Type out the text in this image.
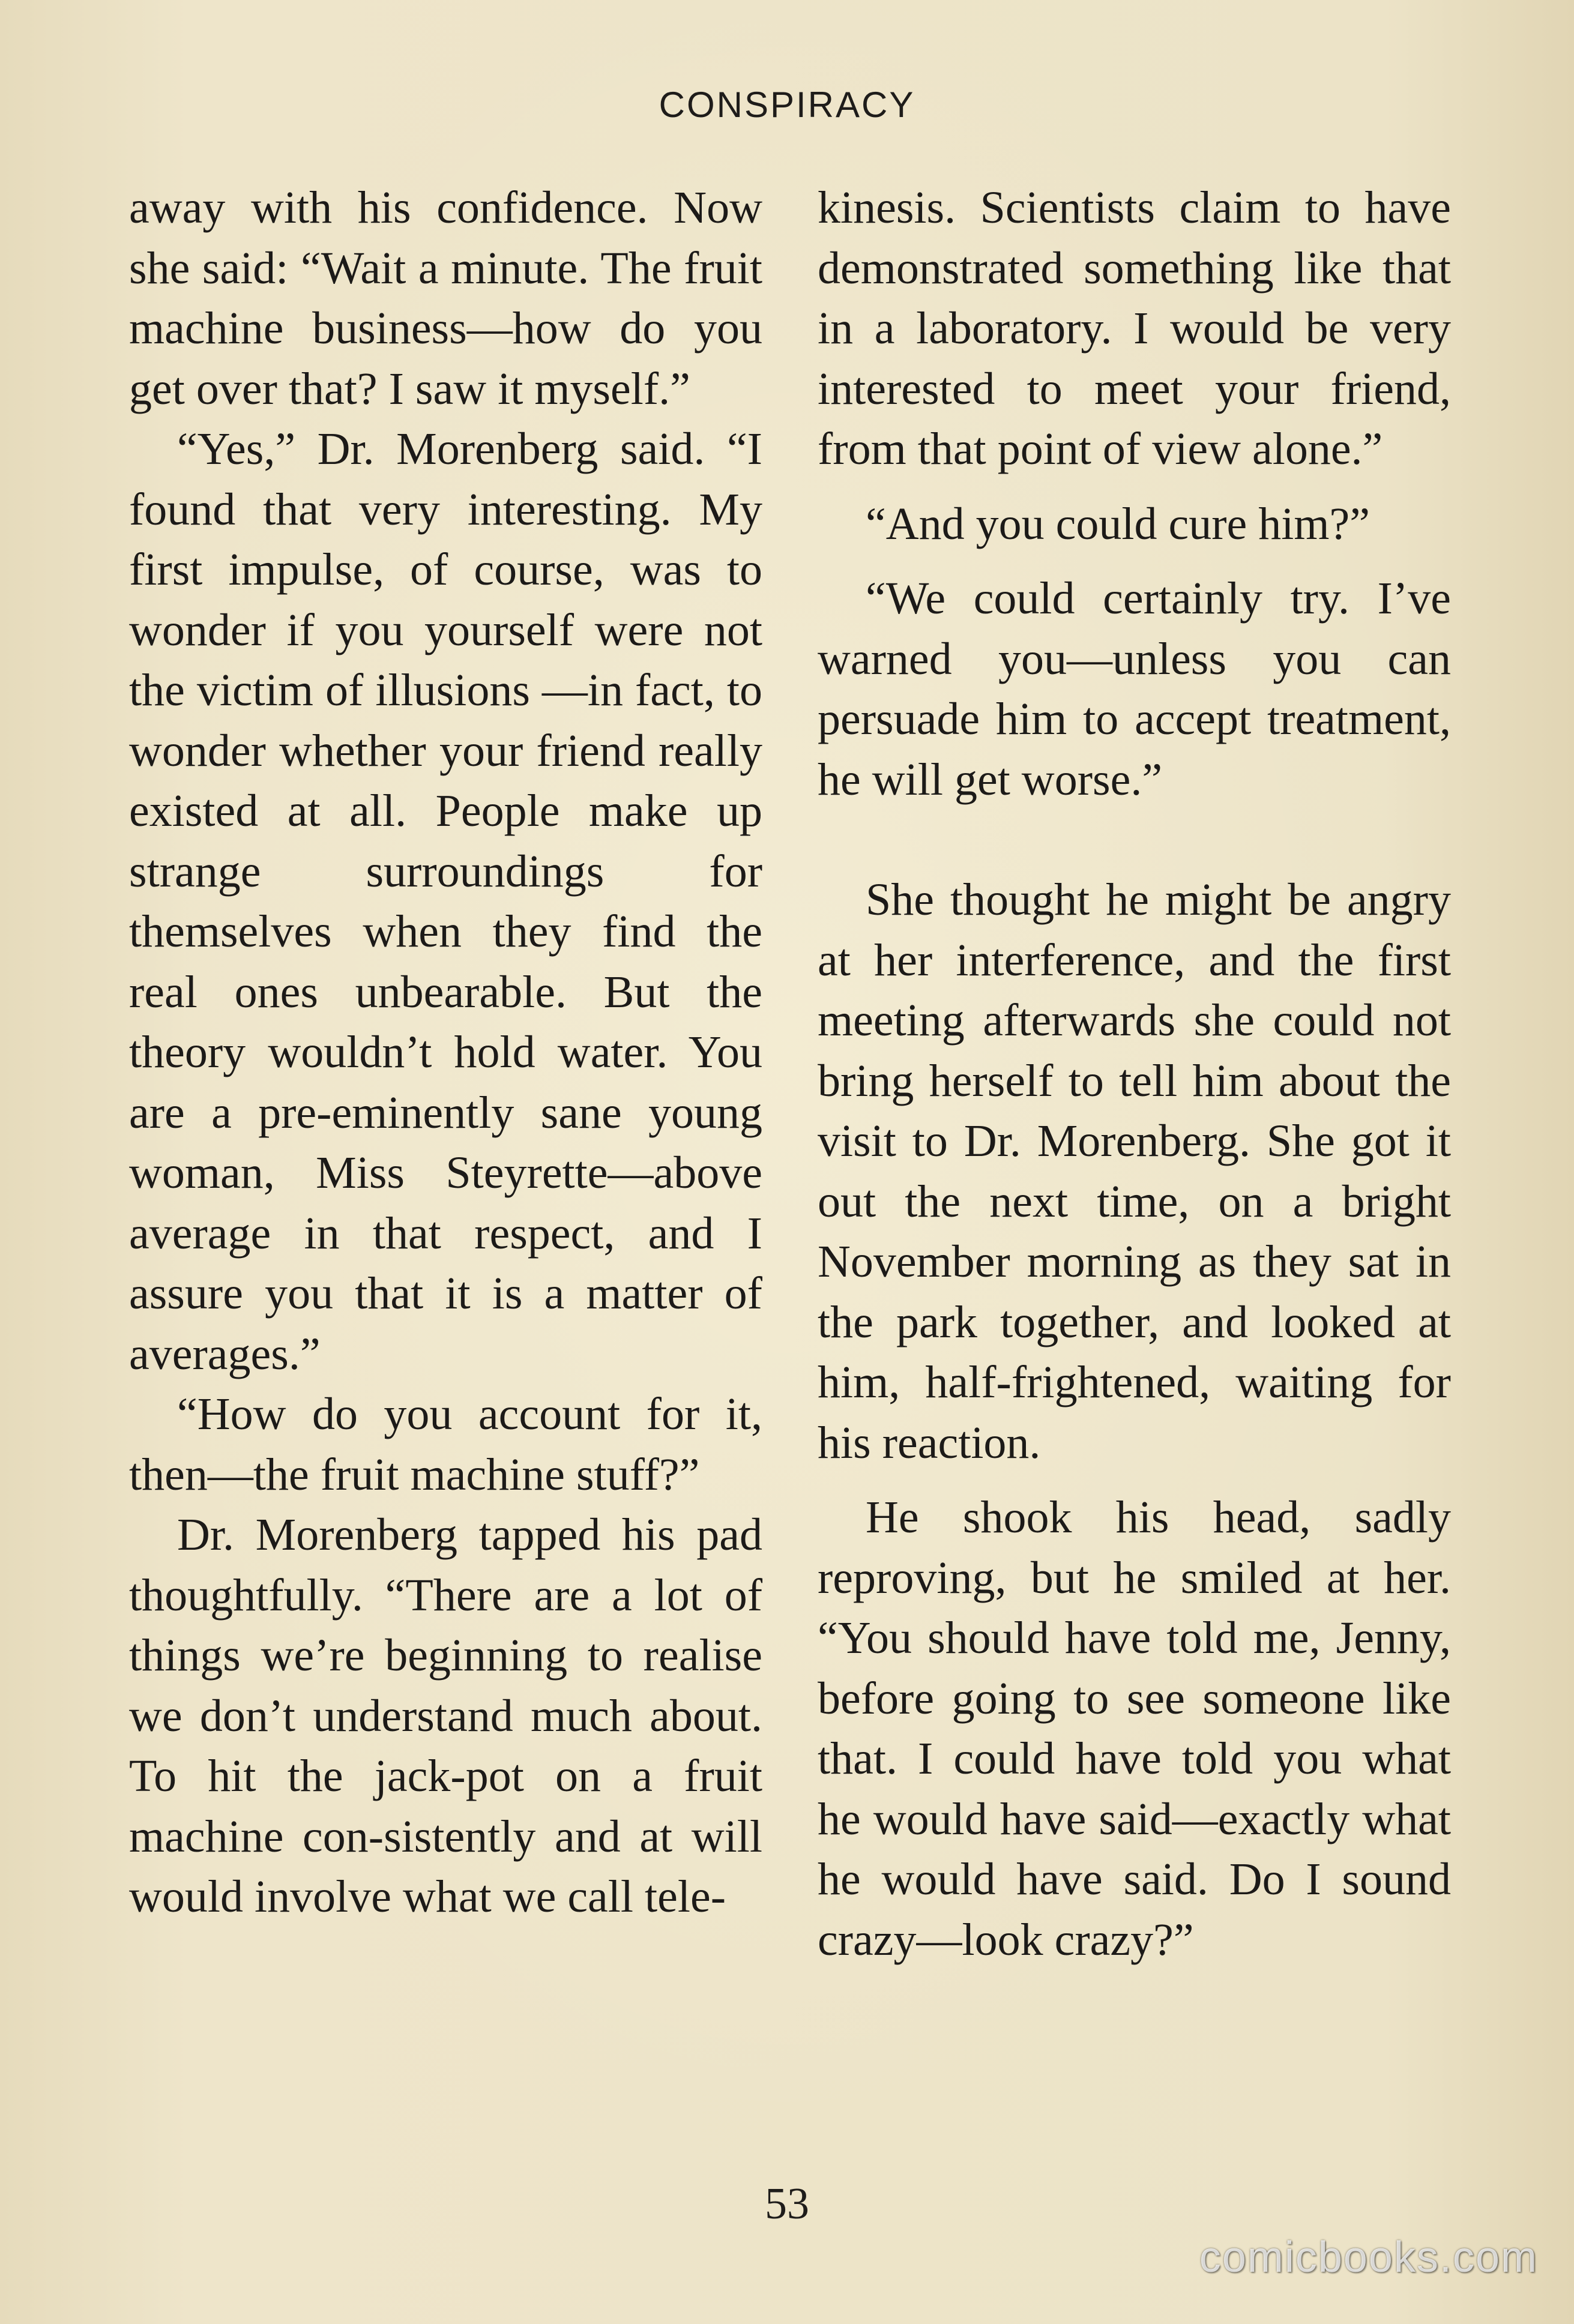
CONSPIRACY

away with his confidence. Now she said: “Wait a minute. The fruit machine business—how do you get over that? I saw it myself.”

“Yes,” Dr. Morenberg said. “I found that very interesting. My first impulse, of course, was to wonder if you yourself were not the victim of illusions —in fact, to wonder whether your friend really existed at all. People make up strange surroundings for themselves when they find the real ones unbearable. But the theory wouldn’t hold water. You are a pre-eminently sane young woman, Miss Steyrette—above average in that respect, and I assure you that it is a matter of averages.”

“How do you account for it, then—the fruit machine stuff?”

Dr. Morenberg tapped his pad thoughtfully. “There are a lot of things we’re beginning to realise we don’t understand much about. To hit the jack-pot on a fruit machine con-sistently and at will would involve what we call tele-

kinesis. Scientists claim to have demonstrated something like that in a laboratory. I would be very interested to meet your friend, from that point of view alone.”

“And you could cure him?”

“We could certainly try. I’ve warned you—unless you can persuade him to accept treatment, he will get worse.”

She thought he might be angry at her interference, and the first meeting afterwards she could not bring herself to tell him about the visit to Dr. Morenberg. She got it out the next time, on a bright November morning as they sat in the park together, and looked at him, half-frightened, waiting for his reaction.

He shook his head, sadly reproving, but he smiled at her. “You should have told me, Jenny, before going to see someone like that. I could have told you what he would have said—exactly what he would have said. Do I sound crazy—look crazy?”

53
comicbooks.com
